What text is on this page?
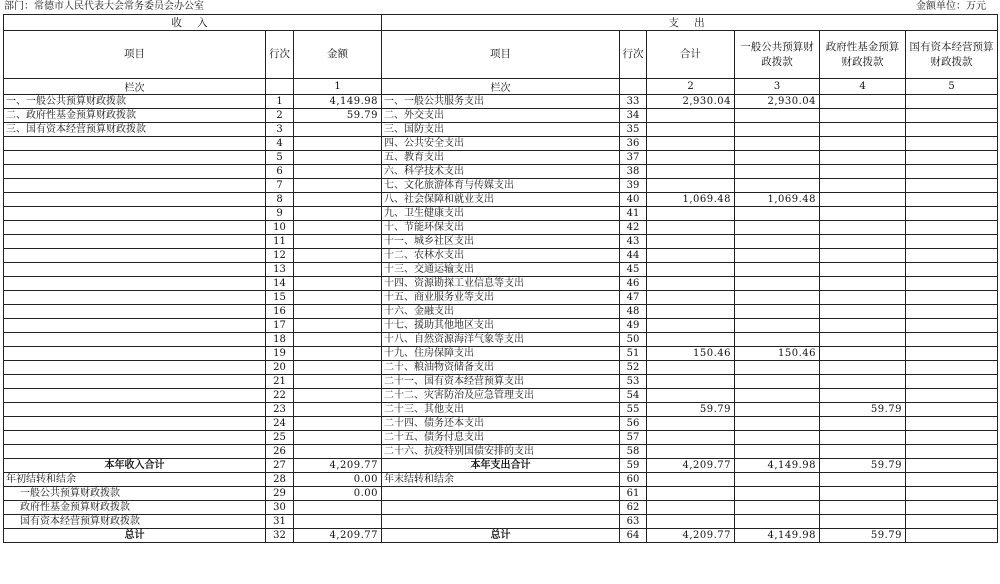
部门：常德市人民代表大会常务委员会办公室	金额单位：万元
收 入			支 出					
项目	行次	金额	项目	行次	合计	一般公共预算财政拨款	政府性基金预算财政拨款	国有资本经营预算财政拨款
栏次		1	栏次		2	3	4	5
一、一般公共预算财政拨款	1	4,149.98	一、一般公共服务支出	33	2,930.04	2,930.04		
二、政府性基金预算财政拨款	2	59.79	二、外交支出	34				
三、国有资本经营预算财政拨款	3		三、国防支出	35				
	4		四、公共安全支出	36				
	5		五、教育支出	37				
	6		六、科学技术支出	38				
	7		七、文化旅游体育与传媒支出	39				
	8		八、社会保障和就业支出	40	1,069.48	1,069.48		
	9		九、卫生健康支出	41				
	10		十、节能环保支出	42				
	11		十一、城乡社区支出	43				
	12		十二、农林水支出	44				
	13		十三、交通运输支出	45				
	14		十四、资源勘探工业信息等支出	46				
	15		十五、商业服务业等支出	47				
	16		十六、金融支出	48				
	17		十七、援助其他地区支出	49				
	18		十八、自然资源海洋气象等支出	50				
	19		十九、住房保障支出	51	150.46	150.46		
	20		二十、粮油物资储备支出	52				
	21		二十一、国有资本经营预算支出	53				
	22		二十二、灾害防治及应急管理支出	54				
	23		二十三、其他支出	55	59.79		59.79	
	24		二十四、债务还本支出	56				
	25		二十五、债务付息支出	57				
	26		二十六、抗疫特别国债安排的支出	58				
本年收入合计	27	4,209.77	本年支出合计	59	4,209.77	4,149.98	59.79	
年初结转和结余	28	0.00	年末结转和结余	60				
一般公共预算财政拨款	29	0.00		61				
政府性基金预算财政拨款	30			62				
国有资本经营预算财政拨款	31			63				
总计	32	4,209.77	总计	64	4,209.77	4,149.98	59.79	
